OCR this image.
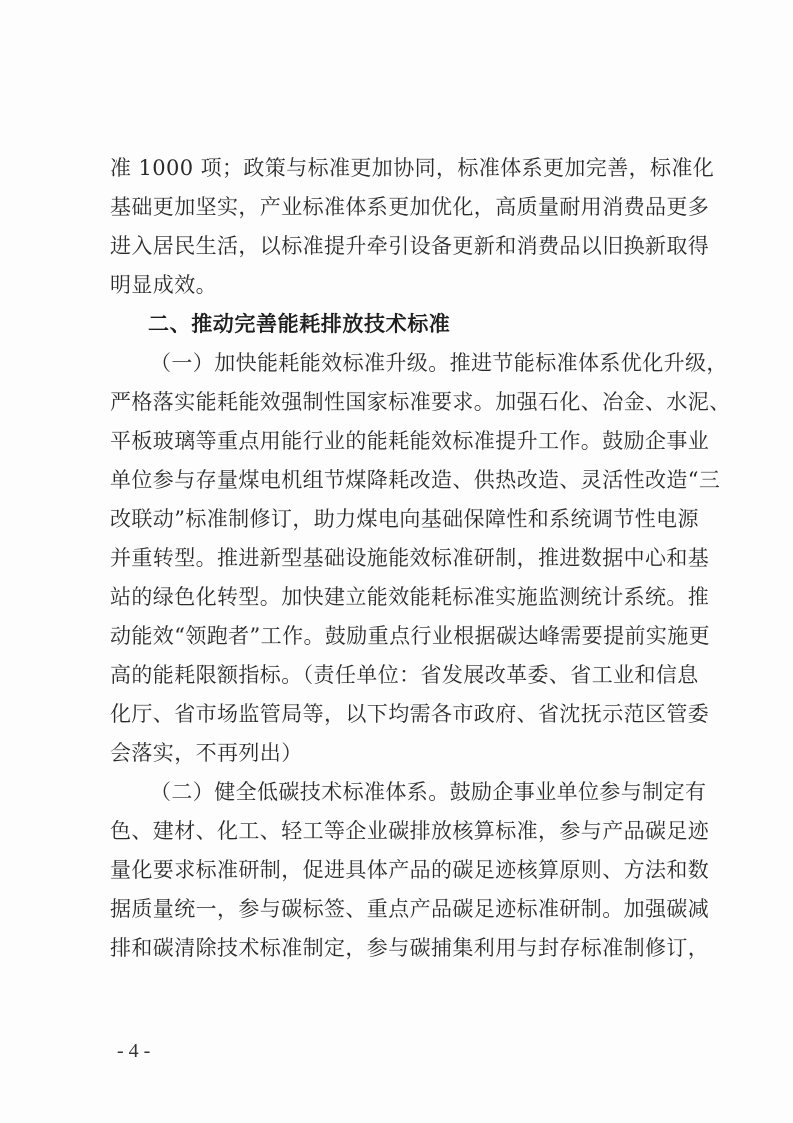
准 1000 项；政策与标准更加协同，标准体系更加完善，标准化
基础更加坚实，产业标准体系更加优化，高质量耐用消费品更多
进入居民生活，以标准提升牵引设备更新和消费品以旧换新取得
明显成效。
二、推动完善能耗排放技术标准
（一）加快能耗能效标准升级。推进节能标准体系优化升级，
严格落实能耗能效强制性国家标准要求。加强石化、冶金、水泥、
平板玻璃等重点用能行业的能耗能效标准提升工作。鼓励企事业
单位参与存量煤电机组节煤降耗改造、供热改造、灵活性改造“三
改联动”标准制修订，助力煤电向基础保障性和系统调节性电源
并重转型。推进新型基础设施能效标准研制，推进数据中心和基
站的绿色化转型。加快建立能效能耗标准实施监测统计系统。推
动能效“领跑者”工作。鼓励重点行业根据碳达峰需要提前实施更
高的能耗限额指标。（责任单位：省发展改革委、省工业和信息
化厅、省市场监管局等，以下均需各市政府、省沈抚示范区管委
会落实，不再列出）
（二）健全低碳技术标准体系。鼓励企事业单位参与制定有
色、建材、化工、轻工等企业碳排放核算标准，参与产品碳足迹
量化要求标准研制，促进具体产品的碳足迹核算原则、方法和数
据质量统一，参与碳标签、重点产品碳足迹标准研制。加强碳减
排和碳清除技术标准制定，参与碳捕集利用与封存标准制修订，
- 4 -
